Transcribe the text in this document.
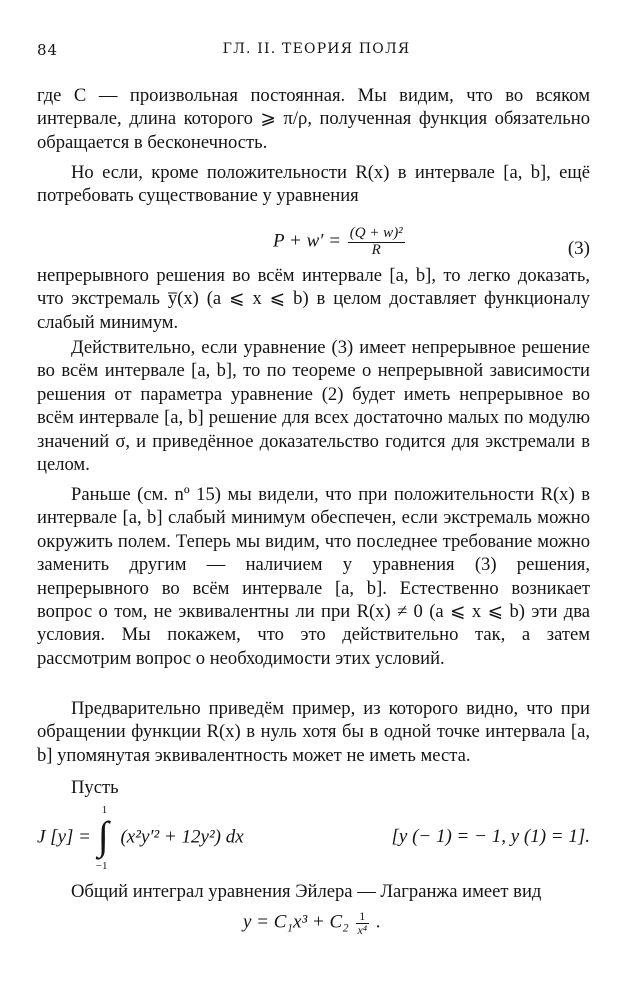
84	ГЛ. II. ТЕОРИЯ ПОЛЯ
где C — произвольная постоянная. Мы видим, что во всяком интервале, длина которого ⩾ π/ρ, полученная функция обязательно обращается в бесконечность.
Но если, кроме положительности R(x) в интервале [a, b], ещё потребовать существование у уравнения
$P + w' = \frac{\text{(Q + w)²}}{R}$	(3)
непрерывного решения во всём интервале [a, b], то легко доказать, что экстремаль y̅(x) (a ⩽ x ⩽ b) в целом доставляет функционалу слабый минимум.
Действительно, если уравнение (3) имеет непрерывное решение во всём интервале [a, b], то по теореме о непрерывной зависимости решения от параметра уравнение (2) будет иметь непрерывное во всём интервале [a, b] решение для всех достаточно малых по модулю значений σ, и приведённое доказательство годится для экстремали в целом.
Раньше (см. nº 15) мы видели, что при положительности R(x) в интервале [a, b] слабый минимум обеспечен, если экстремаль можно окружить полем. Теперь мы видим, что последнее требование можно заменить другим — наличием у уравнения (3) решения, непрерывного во всём интервале [a, b]. Естественно возникает вопрос о том, не эквивалентны ли при R(x) ≠ 0 (a ⩽ x ⩽ b) эти два условия. Мы покажем, что это действительно так, а затем рассмотрим вопрос о необходимости этих условий.
Предварительно приведём пример, из которого видно, что при обращении функции R(x) в нуль хотя бы в одной точке интервала [a, b] упомянутая эквивалентность может не иметь места.
Пусть
J [y] =
1
∫
−1
(x²y′² + 12y²) dx	[y (− 1) = − 1, y (1) = 1].
Общий интеграл уравнения Эйлера — Лагранжа имеет вид
$y = C_1x^3 + C_2 \frac{1}{\text{x⁴}}$ .
